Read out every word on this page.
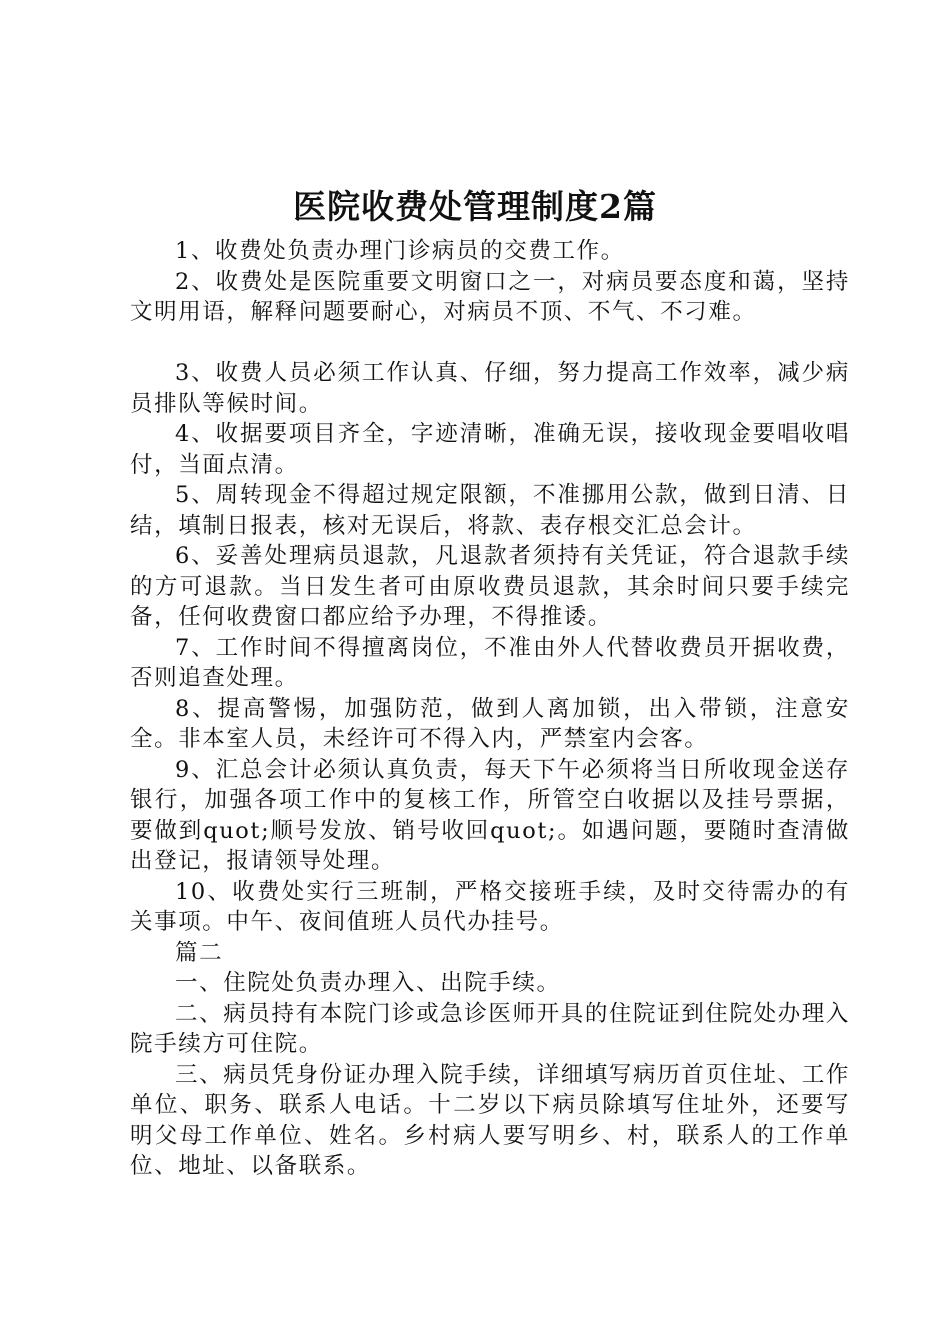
医院收费处管理制度2篇

1、收费处负责办理门诊病员的交费工作。

2、收费处是医院重要文明窗口之一，对病员要态度和蔼，坚持文明用语，解释问题要耐心，对病员不顶、不气、不刁难。

3、收费人员必须工作认真、仔细，努力提高工作效率，减少病员排队等候时间。

4、收据要项目齐全，字迹清晰，准确无误，接收现金要唱收唱付，当面点清。

5、周转现金不得超过规定限额，不准挪用公款，做到日清、日结，填制日报表，核对无误后，将款、表存根交汇总会计。

6、妥善处理病员退款，凡退款者须持有关凭证，符合退款手续的方可退款。当日发生者可由原收费员退款，其余时间只要手续完备，任何收费窗口都应给予办理，不得推诿。

7、工作时间不得擅离岗位，不准由外人代替收费员开据收费，否则追查处理。

8、提高警惕，加强防范，做到人离加锁，出入带锁，注意安全。非本室人员，未经许可不得入内，严禁室内会客。

9、汇总会计必须认真负责，每天下午必须将当日所收现金送存银行，加强各项工作中的复核工作，所管空白收据以及挂号票据，要做到quot;顺号发放、销号收回quot;。如遇问题，要随时查清做出登记，报请领导处理。

10、收费处实行三班制，严格交接班手续，及时交待需办的有关事项。中午、夜间值班人员代办挂号。

篇二

一、住院处负责办理入、出院手续。

二、病员持有本院门诊或急诊医师开具的住院证到住院处办理入院手续方可住院。

三、病员凭身份证办理入院手续，详细填写病历首页住址、工作单位、职务、联系人电话。十二岁以下病员除填写住址外，还要写明父母工作单位、姓名。乡村病人要写明乡、村，联系人的工作单位、地址、以备联系。
